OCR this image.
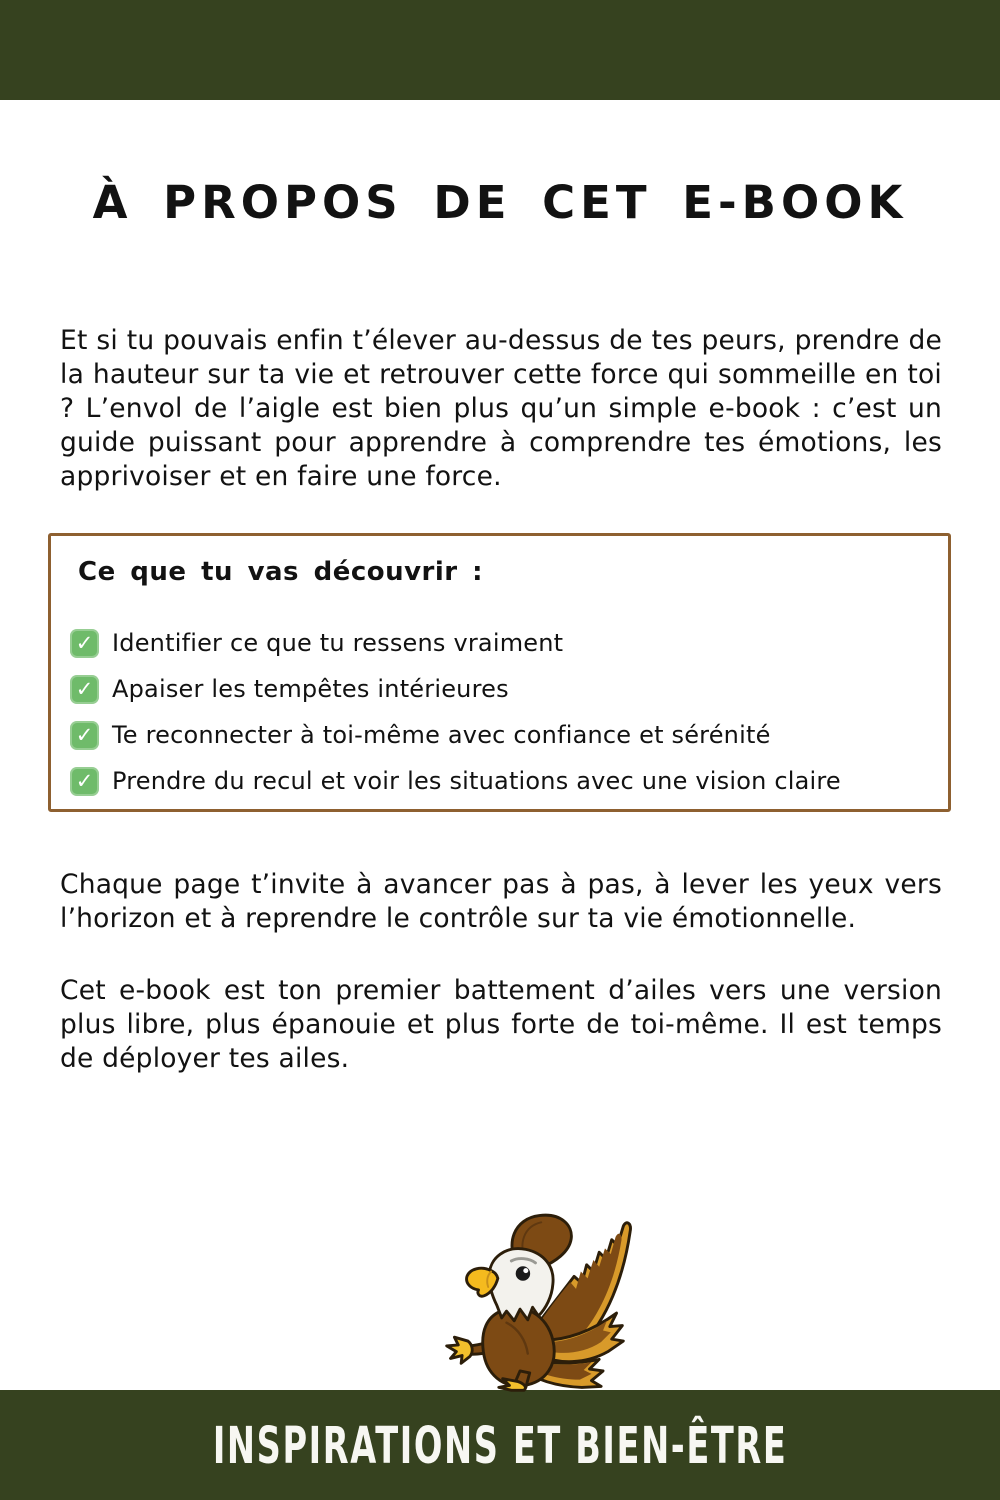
À PROPOS DE CET E-BOOK

Et si tu pouvais enfin t’élever au-dessus de tes peurs, prendre de la hauteur sur ta vie et retrouver cette force qui sommeille en toi ? L’envol de l’aigle est bien plus qu’un simple e-book : c’est un guide puissant pour apprendre à comprendre tes émotions, les apprivoiser et en faire une force.

Ce que tu vas découvrir :
✓ Identifier ce que tu ressens vraiment
✓ Apaiser les tempêtes intérieures
✓ Te reconnecter à toi-même avec confiance et sérénité
✓ Prendre du recul et voir les situations avec une vision claire

Chaque page t’invite à avancer pas à pas, à lever les yeux vers l’horizon et à reprendre le contrôle sur ta vie émotionnelle.

Cet e-book est ton premier battement d’ailes vers une version plus libre, plus épanouie et plus forte de toi-même. Il est temps de déployer tes ailes.

INSPIRATIONS ET BIEN-ÊTRE
